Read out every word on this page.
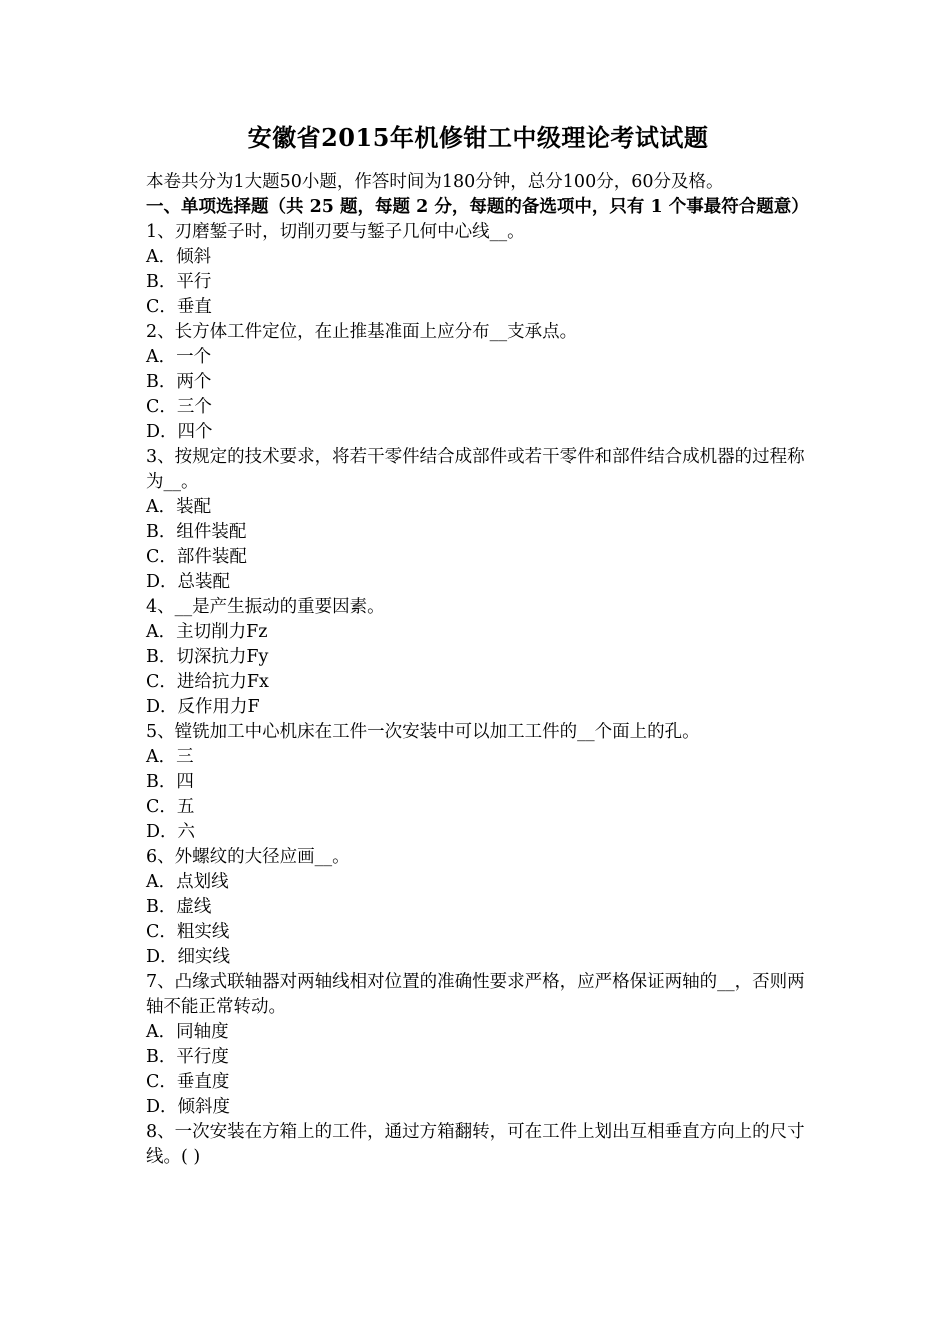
安徽省2015年机修钳工中级理论考试试题
本卷共分为1大题50小题，作答时间为180分钟，总分100分，60分及格。
一、单项选择题（共 25 题，每题 2 分，每题的备选项中，只有 1 个事最符合题意）
1、刃磨錾子时，切削刃要与錾子几何中心线__。
A．倾斜
B．平行
C．垂直
2、长方体工件定位，在止推基准面上应分布__支承点。
A．一个
B．两个
C．三个
D．四个
3、按规定的技术要求，将若干零件结合成部件或若干零件和部件结合成机器的过程称为__。
A．装配
B．组件装配
C．部件装配
D．总装配
4、__是产生振动的重要因素。
A．主切削力Fz
B．切深抗力Fy
C．进给抗力Fx
D．反作用力F
5、镗铣加工中心机床在工件一次安装中可以加工工件的__个面上的孔。
A．三
B．四
C．五
D．六
6、外螺纹的大径应画__。
A．点划线
B．虚线
C．粗实线
D．细实线
7、凸缘式联轴器对两轴线相对位置的准确性要求严格，应严格保证两轴的__，否则两轴不能正常转动。
A．同轴度
B．平行度
C．垂直度
D．倾斜度
8、一次安装在方箱上的工件，通过方箱翻转，可在工件上划出互相垂直方向上的尺寸线。( )
